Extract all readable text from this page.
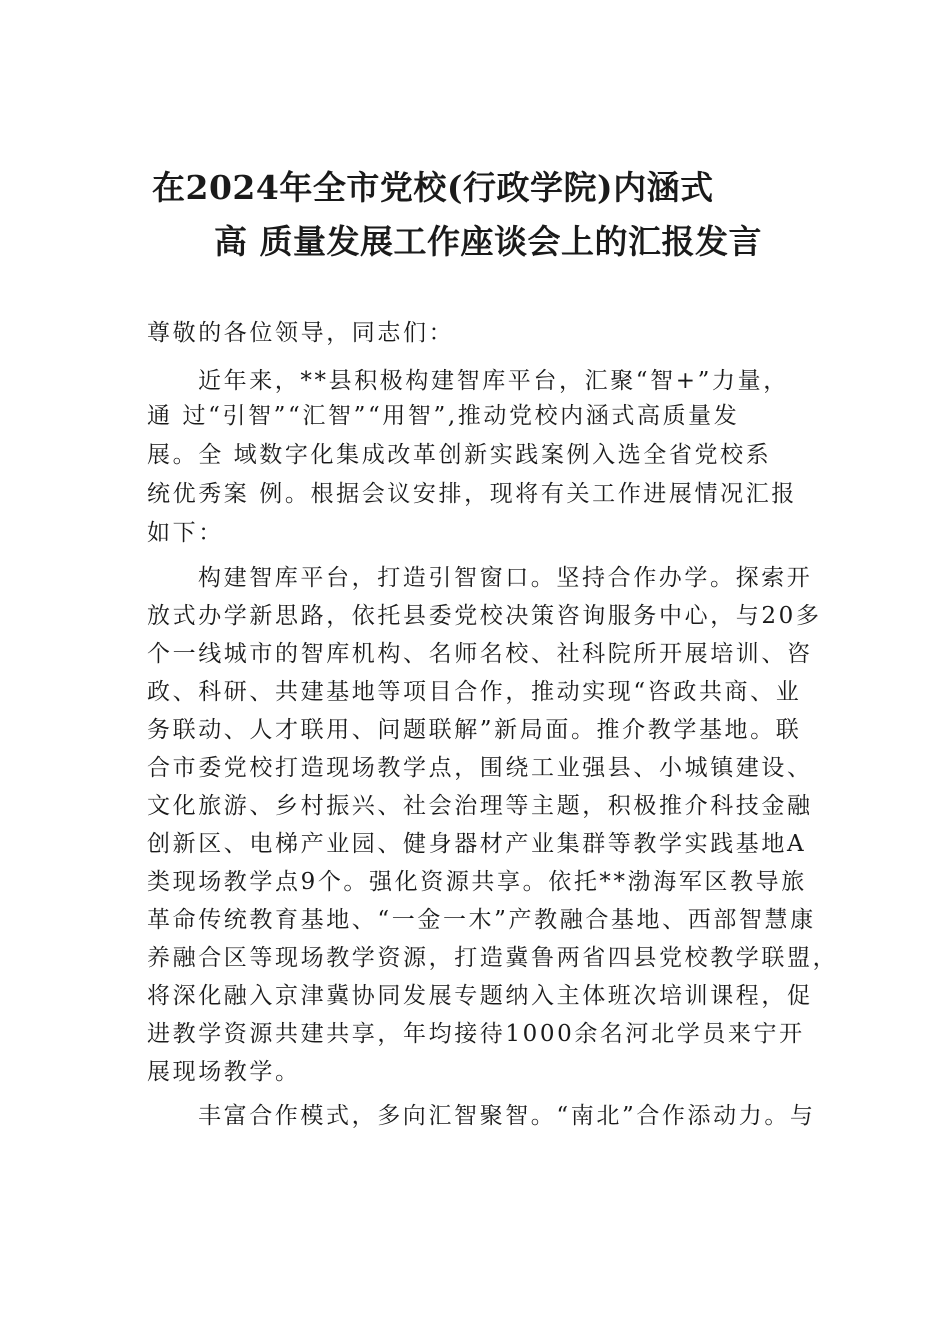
在2024年全市党校(行政学院)内涵式
高 质量发展工作座谈会上的汇报发言
尊敬的各位领导，同志们：
近年来，**县积极构建智库平台，汇聚“智+”力量，
通 过“引智”“汇智”“用智”,推动党校内涵式高质量发
展。全 域数字化集成改革创新实践案例入选全省党校系
统优秀案 例。根据会议安排，现将有关工作进展情况汇报
如下：
构建智库平台，打造引智窗口。坚持合作办学。探索开
放式办学新思路，依托县委党校决策咨询服务中心，与20多
个一线城市的智库机构、名师名校、社科院所开展培训、咨
政、科研、共建基地等项目合作，推动实现“咨政共商、业
务联动、人才联用、问题联解”新局面。推介教学基地。联
合市委党校打造现场教学点，围绕工业强县、小城镇建设、
文化旅游、乡村振兴、社会治理等主题，积极推介科技金融
创新区、电梯产业园、健身器材产业集群等教学实践基地A
类现场教学点9个。强化资源共享。依托**渤海军区教导旅
革命传统教育基地、“一金一木”产教融合基地、西部智慧康
养融合区等现场教学资源，打造冀鲁两省四县党校教学联盟，
将深化融入京津冀协同发展专题纳入主体班次培训课程，促
进教学资源共建共享，年均接待1000余名河北学员来宁开
展现场教学。
丰富合作模式，多向汇智聚智。“南北”合作添动力。与
